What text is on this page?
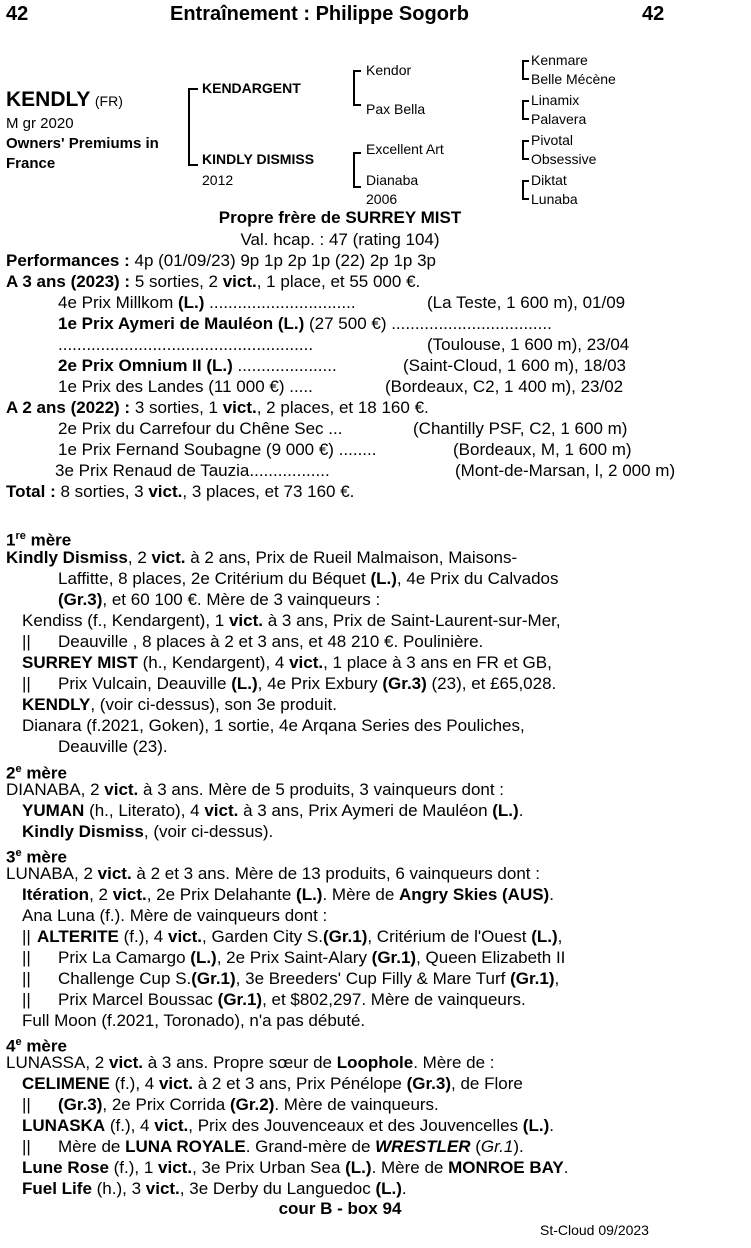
42	Entraînement : Philippe Sogorb	42
KENDLY (FR)
M gr 2020
Owners' Premiums in
France
KENDARGENT
KINDLY DISMISS
2012
Kendor
Pax Bella
Excellent Art
Dianaba
2006
Kenmare
Belle Mécène
Linamix
Palavera
Pivotal
Obsessive
Diktat
Lunaba
Propre frère de SURREY MIST
Val. hcap. : 47 (rating 104)
Performances : 4p (01/09/23) 9p 1p 2p 1p (22) 2p 1p 3p
A 3 ans (2023) : 5 sorties, 2 vict., 1 place, et 55 000 €.
4e Prix Millkom (L.) ...............................	(La Teste, 1 600 m), 01/09
1e Prix Aymeri de Mauléon (L.) (27 500 €) ..................................
......................................................	(Toulouse, 1 600 m), 23/04
2e Prix Omnium II (L.) .....................	(Saint-Cloud, 1 600 m), 18/03
1e Prix des Landes (11 000 €) .....	(Bordeaux, C2, 1 400 m), 23/02
A 2 ans (2022) : 3 sorties, 1 vict., 2 places, et 18 160 €.
2e Prix du Carrefour du Chêne Sec ...	(Chantilly PSF, C2, 1 600 m)
1e Prix Fernand Soubagne (9 000 €) ........	(Bordeaux, M, 1 600 m)
3e Prix Renaud de Tauzia.................	(Mont-de-Marsan, l, 2 000 m)
Total : 8 sorties, 3 vict., 3 places, et 73 160 €.
1re mère
Kindly Dismiss, 2 vict. à 2 ans, Prix de Rueil Malmaison, Maisons-
Laffitte, 8 places, 2e Critérium du Béquet (L.), 4e Prix du Calvados
(Gr.3), et 60 100 €. Mère de 3 vainqueurs :
Kendiss (f., Kendargent), 1 vict. à 3 ans, Prix de Saint-Laurent-sur-Mer,
|| Deauville , 8 places à 2 et 3 ans, et 48 210 €. Poulinière.
SURREY MIST (h., Kendargent), 4 vict., 1 place à 3 ans en FR et GB,
|| Prix Vulcain, Deauville (L.), 4e Prix Exbury (Gr.3) (23), et £65,028.
KENDLY, (voir ci-dessus), son 3e produit.
Dianara (f.2021, Goken), 1 sortie, 4e Arqana Series des Pouliches,
Deauville (23).
2e mère
DIANABA, 2 vict. à 3 ans. Mère de 5 produits, 3 vainqueurs dont :
YUMAN (h., Literato), 4 vict. à 3 ans, Prix Aymeri de Mauléon (L.).
Kindly Dismiss, (voir ci-dessus).
3e mère
LUNABA, 2 vict. à 2 et 3 ans. Mère de 13 produits, 6 vainqueurs dont :
Itération, 2 vict., 2e Prix Delahante (L.). Mère de Angry Skies (AUS).
Ana Luna (f.). Mère de vainqueurs dont :
||
||
||
||
ALTERITE (f.), 4 vict., Garden City S.(Gr.1), Critérium de l'Ouest (L.),
Prix La Camargo (L.), 2e Prix Saint-Alary (Gr.1), Queen Elizabeth II
Challenge Cup S.(Gr.1), 3e Breeders' Cup Filly & Mare Turf (Gr.1),
Prix Marcel Boussac (Gr.1), et $802,297. Mère de vainqueurs.
Full Moon (f.2021, Toronado), n'a pas débuté.
4e mère
LUNASSA, 2 vict. à 3 ans. Propre sœur de Loophole. Mère de :
CELIMENE (f.), 4 vict. à 2 et 3 ans, Prix Pénélope (Gr.3), de Flore
|| (Gr.3), 2e Prix Corrida (Gr.2). Mère de vainqueurs.
LUNASKA (f.), 4 vict., Prix des Jouvenceaux et des Jouvencelles (L.).
|| Mère de LUNA ROYALE. Grand-mère de WRESTLER (Gr.1).
Lune Rose (f.), 1 vict., 3e Prix Urban Sea (L.). Mère de MONROE BAY.
Fuel Life (h.), 3 vict., 3e Derby du Languedoc (L.).
cour B - box 94
St-Cloud 09/2023
